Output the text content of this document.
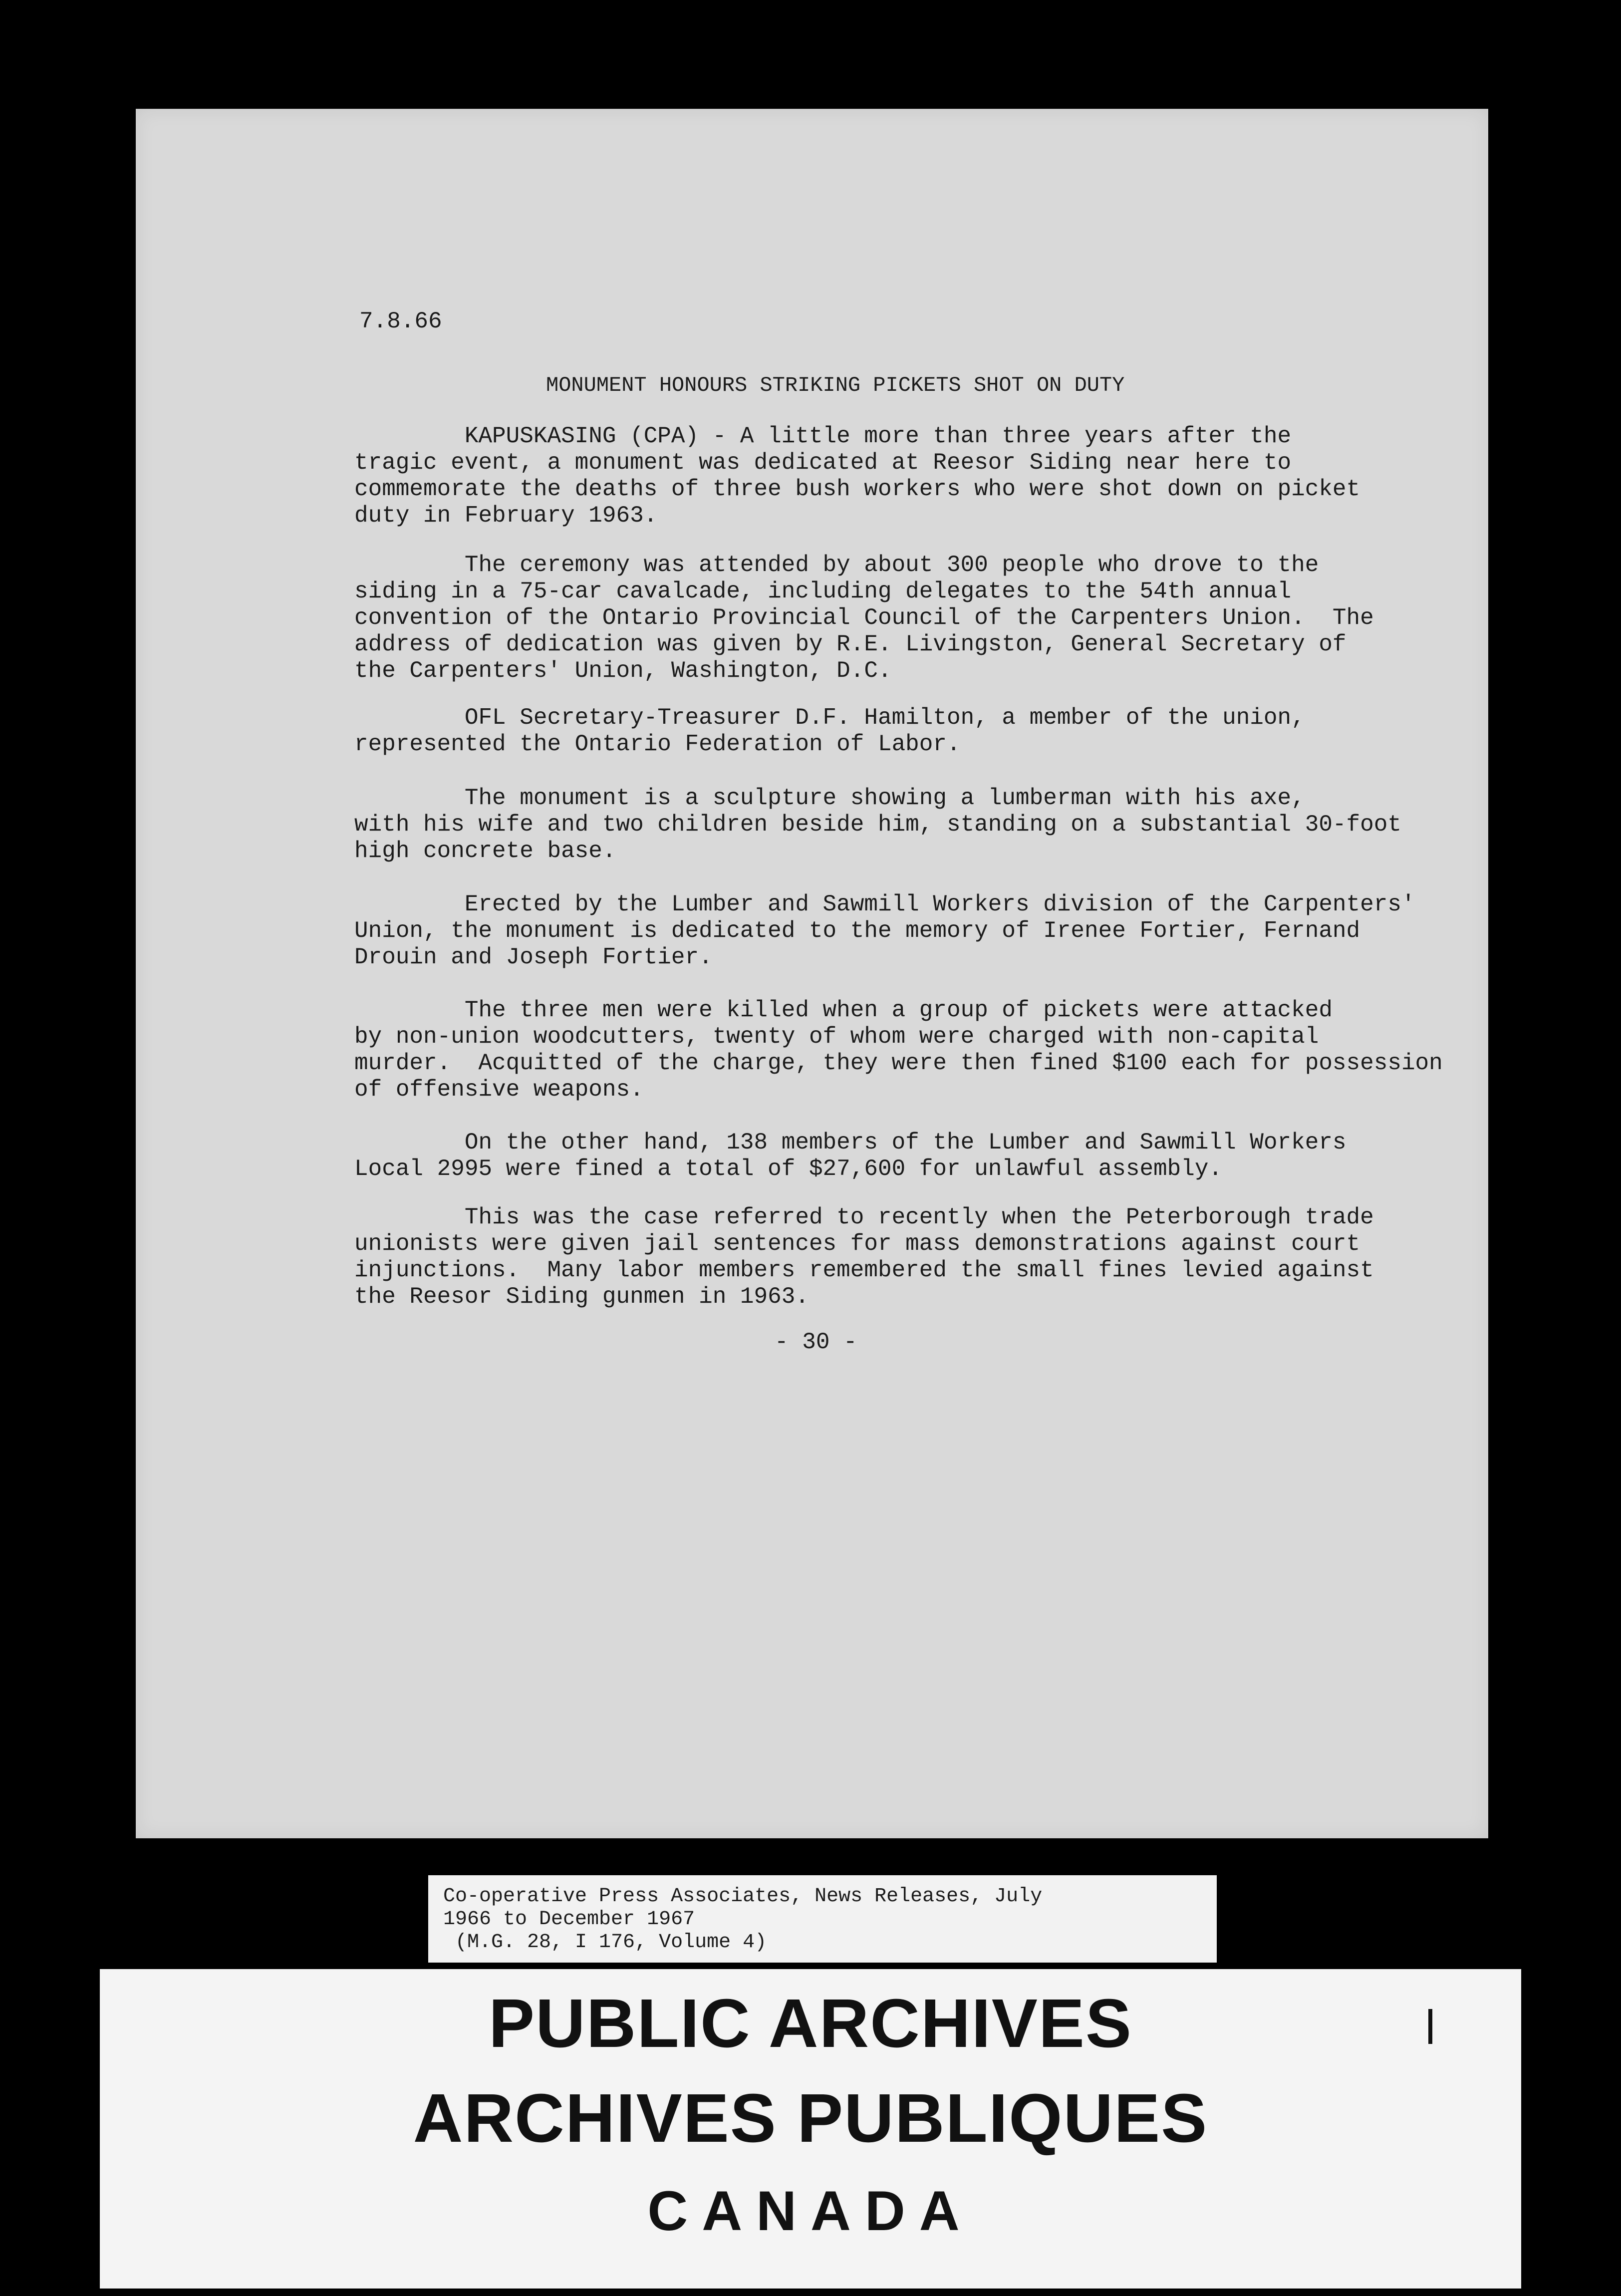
7.8.66
MONUMENT HONOURS STRIKING PICKETS SHOT ON DUTY
KAPUSKASING (CPA) - A little more than three years after the
tragic event, a monument was dedicated at Reesor Siding near here to
commemorate the deaths of three bush workers who were shot down on picket
duty in February 1963.
The ceremony was attended by about 300 people who drove to the
siding in a 75-car cavalcade, including delegates to the 54th annual
convention of the Ontario Provincial Council of the Carpenters Union.  The
address of dedication was given by R.E. Livingston, General Secretary of
the Carpenters' Union, Washington, D.C.
OFL Secretary-Treasurer D.F. Hamilton, a member of the union,
represented the Ontario Federation of Labor.
The monument is a sculpture showing a lumberman with his axe,
with his wife and two children beside him, standing on a substantial 30-foot
high concrete base.
Erected by the Lumber and Sawmill Workers division of the Carpenters'
Union, the monument is dedicated to the memory of Irenee Fortier, Fernand
Drouin and Joseph Fortier.
The three men were killed when a group of pickets were attacked
by non-union woodcutters, twenty of whom were charged with non-capital
murder.  Acquitted of the charge, they were then fined $100 each for possession
of offensive weapons.
On the other hand, 138 members of the Lumber and Sawmill Workers
Local 2995 were fined a total of $27,600 for unlawful assembly.
This was the case referred to recently when the Peterborough trade
unionists were given jail sentences for mass demonstrations against court
injunctions.  Many labor members remembered the small fines levied against
the Reesor Siding gunmen in 1963.
- 30 -
Co-operative Press Associates, News Releases, July
1966 to December 1967
(M.G. 28, I 176, Volume 4)
PUBLIC ARCHIVES
ARCHIVES PUBLIQUES
CANADA
